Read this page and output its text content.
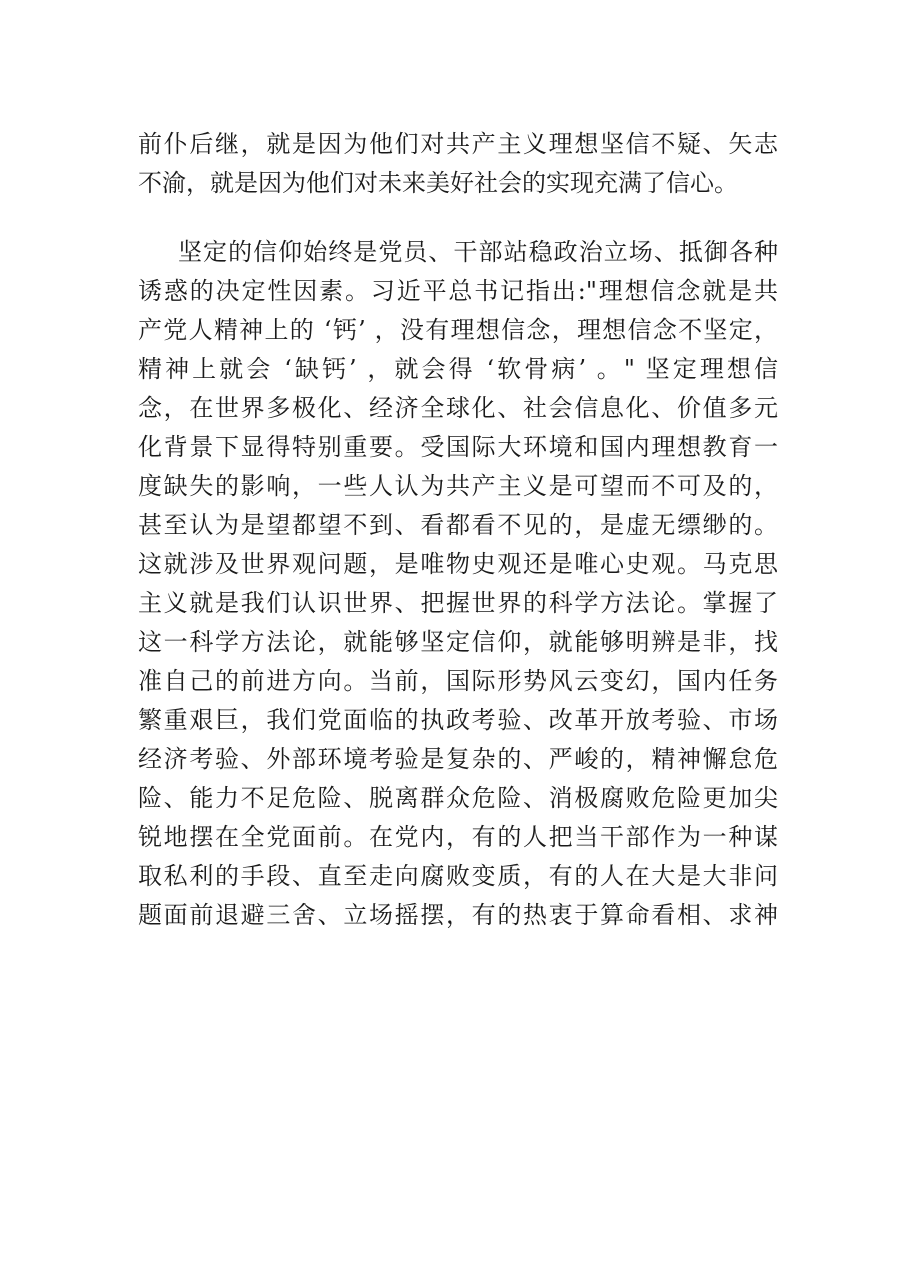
前仆后继，就是因为他们对共产主义理想坚信不疑、矢志
不渝，就是因为他们对未来美好社会的实现充满了信心。
坚定的信仰始终是党员、干部站稳政治立场、抵御各种
诱惑的决定性因素。习近平总书记指出:"理想信念就是共
产党人精神上的 ‘钙’ ，没有理想信念，理想信念不坚定，
精神上就会 ‘缺钙’ ，就会得 ‘软骨病’ 。" 坚定理想信
念，在世界多极化、经济全球化、社会信息化、价值多元
化背景下显得特别重要。受国际大环境和国内理想教育一
度缺失的影响，一些人认为共产主义是可望而不可及的，
甚至认为是望都望不到、看都看不见的，是虚无缥缈的。
这就涉及世界观问题，是唯物史观还是唯心史观。马克思
主义就是我们认识世界、把握世界的科学方法论。掌握了
这一科学方法论，就能够坚定信仰，就能够明辨是非，找
准自己的前进方向。当前，国际形势风云变幻，国内任务
繁重艰巨，我们党面临的执政考验、改革开放考验、市场
经济考验、外部环境考验是复杂的、严峻的，精神懈怠危
险、能力不足危险、脱离群众危险、消极腐败危险更加尖
锐地摆在全党面前。在党内，有的人把当干部作为一种谋
取私利的手段、直至走向腐败变质，有的人在大是大非问
题面前退避三舍、立场摇摆，有的热衷于算命看相、求神
